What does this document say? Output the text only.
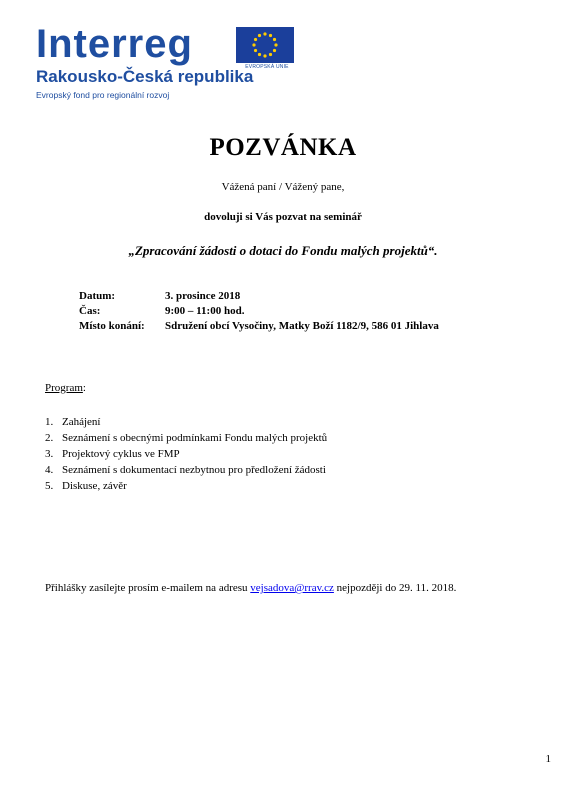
Interreg
EVROPSKÁ UNIE
Rakousko-Česká republika
Evropský fond pro regionální rozvoj
POZVÁNKA
Vážená paní / Vážený pane,
dovoluji si Vás pozvat na seminář
„Zpracování žádosti o dotaci do Fondu malých projektů“.
Datum:	3. prosince 2018
Čas:	9:00 – 11:00 hod.
Místo konání:	Sdružení obcí Vysočiny, Matky Boží 1182/9, 586 01 Jihlava
Program:
1. Zahájení
2. Seznámení s obecnými podmínkami Fondu malých projektů
3. Projektový cyklus ve FMP
4. Seznámení s dokumentací nezbytnou pro předložení žádosti
5. Diskuse, závěr
Přihlášky zasílejte prosím e-mailem na adresu vejsadova@rrav.cz nejpozději do 29. 11. 2018.
1
